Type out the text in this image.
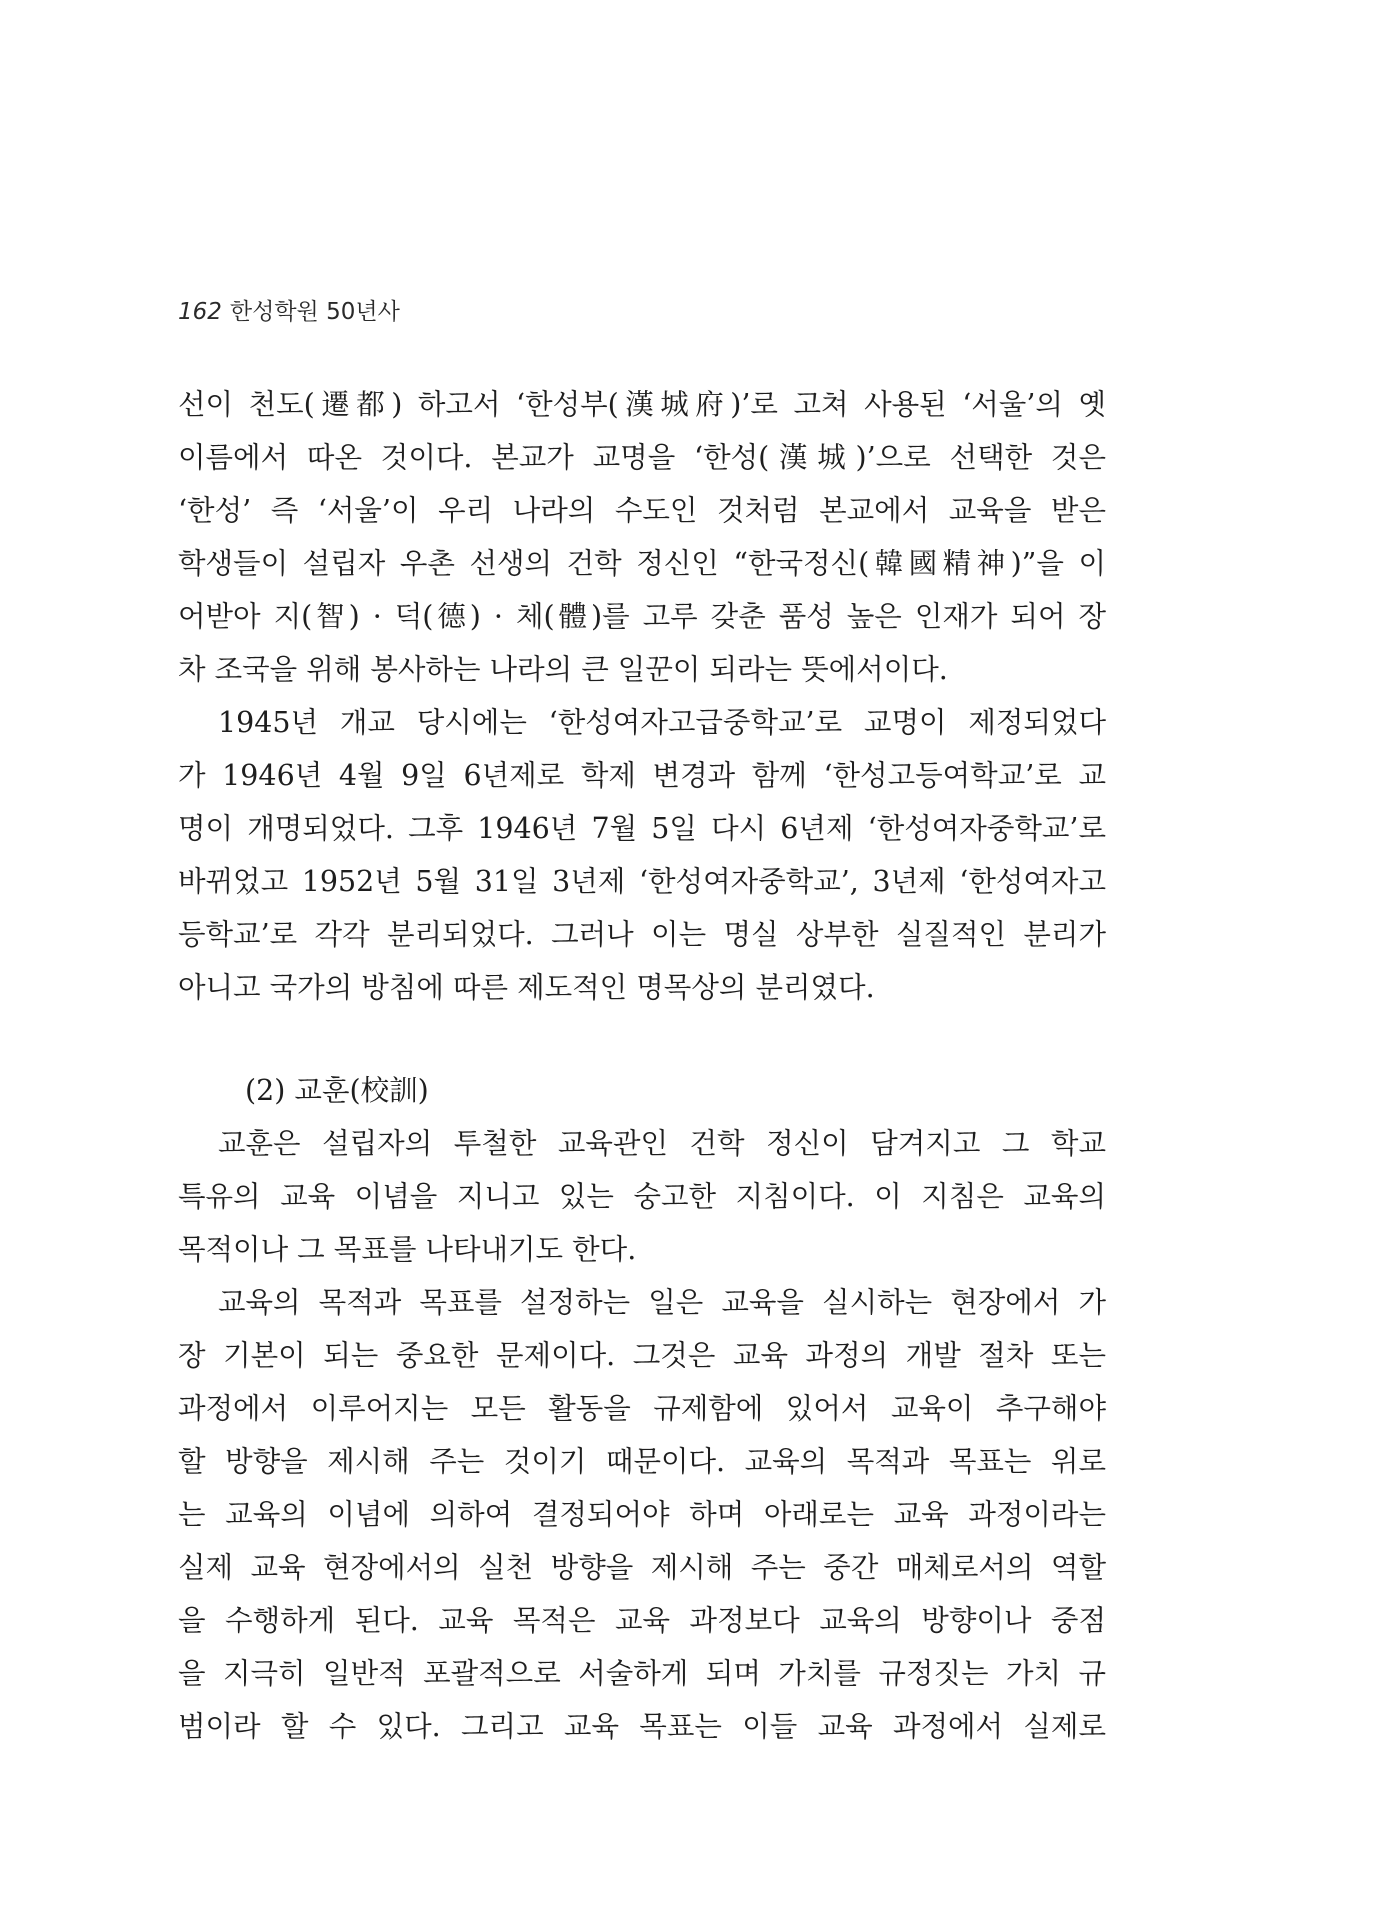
162 한성학원 50년사
선이 천도(遷都) 하고서 ‘한성부(漢城府)’로 고쳐 사용된 ‘서울’의 옛
이름에서 따온 것이다. 본교가 교명을 ‘한성(漢城)’으로 선택한 것은
‘한성’ 즉 ‘서울’이 우리 나라의 수도인 것처럼 본교에서 교육을 받은
학생들이 설립자 우촌 선생의 건학 정신인 “한국정신(韓國精神)”을 이
어받아 지(智) · 덕(德) · 체(體)를 고루 갖춘 품성 높은 인재가 되어 장
차 조국을 위해 봉사하는 나라의 큰 일꾼이 되라는 뜻에서이다.
1945년 개교 당시에는 ‘한성여자고급중학교’로 교명이 제정되었다
가 1946년 4월 9일 6년제로 학제 변경과 함께 ‘한성고등여학교’로 교
명이 개명되었다. 그후 1946년 7월 5일 다시 6년제 ‘한성여자중학교’로
바뀌었고 1952년 5월 31일 3년제 ‘한성여자중학교’, 3년제 ‘한성여자고
등학교’로 각각 분리되었다. 그러나 이는 명실 상부한 실질적인 분리가
아니고 국가의 방침에 따른 제도적인 명목상의 분리였다.
(2) 교훈(校訓)
교훈은 설립자의 투철한 교육관인 건학 정신이 담겨지고 그 학교
특유의 교육 이념을 지니고 있는 숭고한 지침이다. 이 지침은 교육의
목적이나 그 목표를 나타내기도 한다.
교육의 목적과 목표를 설정하는 일은 교육을 실시하는 현장에서 가
장 기본이 되는 중요한 문제이다. 그것은 교육 과정의 개발 절차 또는
과정에서 이루어지는 모든 활동을 규제함에 있어서 교육이 추구해야
할 방향을 제시해 주는 것이기 때문이다. 교육의 목적과 목표는 위로
는 교육의 이념에 의하여 결정되어야 하며 아래로는 교육 과정이라는
실제 교육 현장에서의 실천 방향을 제시해 주는 중간 매체로서의 역할
을 수행하게 된다. 교육 목적은 교육 과정보다 교육의 방향이나 중점
을 지극히 일반적 포괄적으로 서술하게 되며 가치를 규정짓는 가치 규
범이라 할 수 있다. 그리고 교육 목표는 이들 교육 과정에서 실제로
